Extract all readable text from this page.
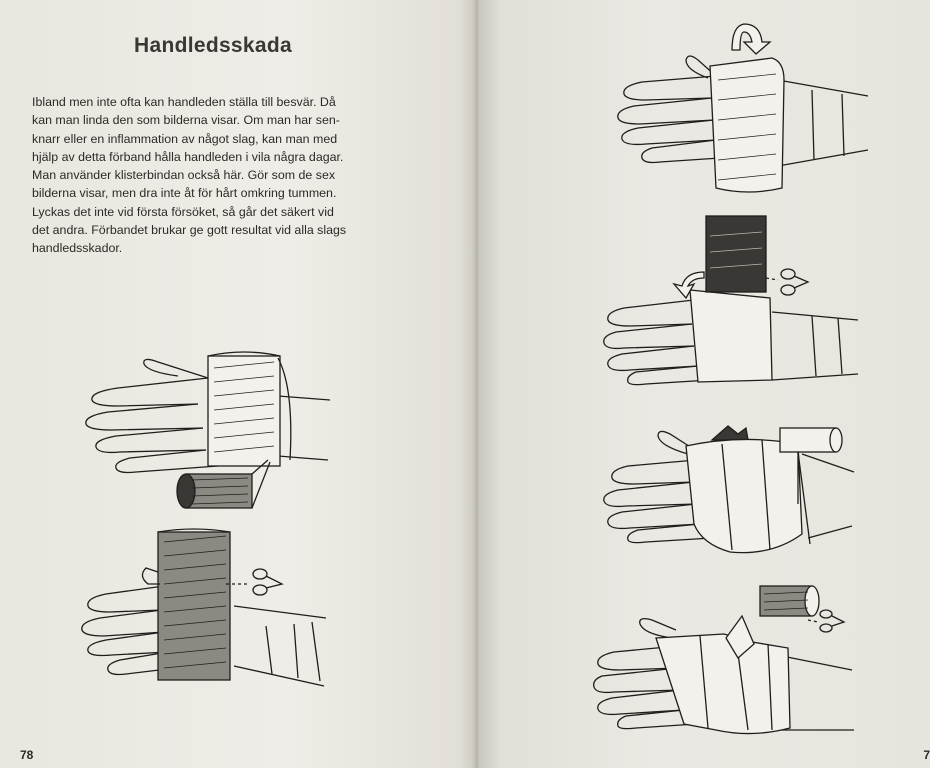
Handledsskada
Ibland men inte ofta kan handleden ställa till besvär. Då
kan man linda den som bilderna visar. Om man har sen-
knarr eller en inflammation av något slag, kan man med
hjälp av detta förband hålla handleden i vila några dagar.
Man använder klisterbindan också här. Gör som de sex
bilderna visar, men dra inte åt för hårt omkring tummen.
Lyckas det inte vid första försöket, så går det säkert vid
det andra. Förbandet brukar ge gott resultat vid alla slags
handledsskador.
78	7
